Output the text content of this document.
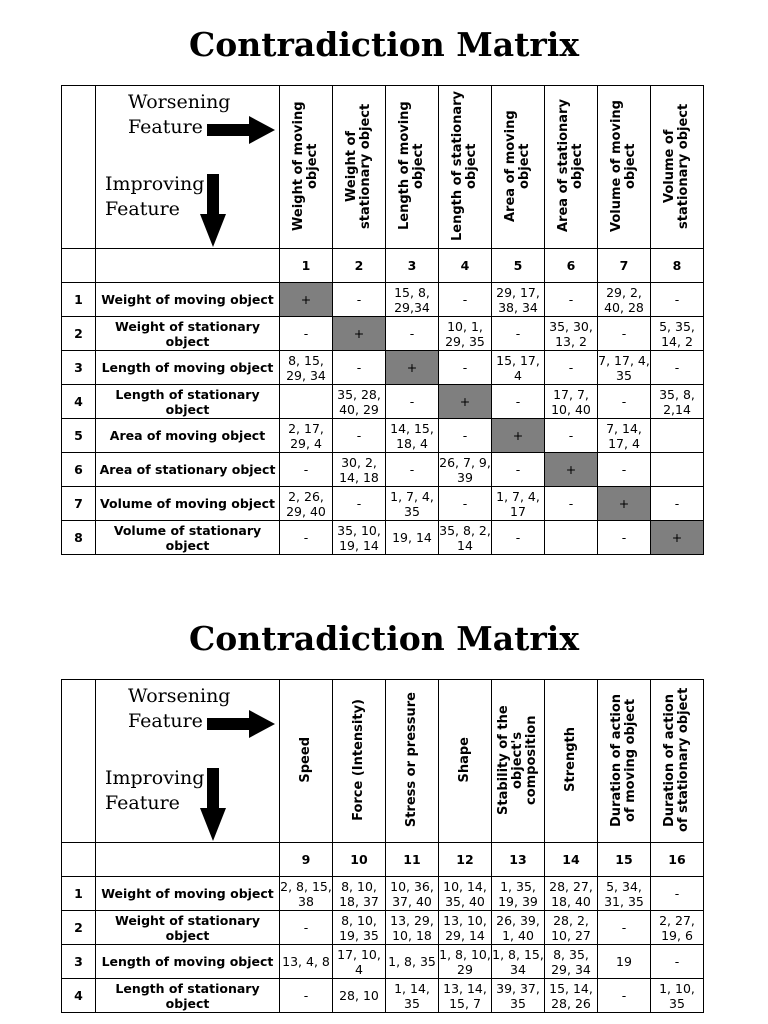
Contradiction Matrix

	Worsening
Feature
Improving
Feature	Weight of moving object	Weight of stationary object	Length of moving object	Length of stationary object	Area of moving object	Area of stationary object	Volume of moving object	Volume of stationary object
		1	2	3	4	5	6	7	8
1	Weight of moving object	+	-	15, 8, 29,34	-	29, 17, 38, 34	-	29, 2, 40, 28	-
2	Weight of stationary object	-	+	-	10, 1, 29, 35	-	35, 30, 13, 2	-	5, 35, 14, 2
3	Length of moving object	8, 15, 29, 34	-	+	-	15, 17, 4	-	7, 17, 4, 35	-
4	Length of stationary object		35, 28, 40, 29	-	+	-	17, 7, 10, 40	-	35, 8, 2,14
5	Area of moving object	2, 17, 29, 4	-	14, 15, 18, 4	-	+	-	7, 14, 17, 4	
6	Area of stationary object	-	30, 2, 14, 18	-	26, 7, 9, 39	-	+	-	
7	Volume of moving object	2, 26, 29, 40	-	1, 7, 4, 35	-	1, 7, 4, 17	-	+	-
8	Volume of stationary object	-	35, 10, 19, 14	19, 14	35, 8, 2, 14	-		-	+
Contradiction Matrix

	Worsening
Feature
Improving
Feature	Speed	Force (Intensity)	Stress or pressure	Shape	Stability of the object's composition	Strength	Duration of action of moving object	Duration of action of stationary object
		9	10	11	12	13	14	15	16
1	Weight of moving object	2, 8, 15, 38	8, 10, 18, 37	10, 36, 37, 40	10, 14, 35, 40	1, 35, 19, 39	28, 27, 18, 40	5, 34, 31, 35	-
2	Weight of stationary object	-	8, 10, 19, 35	13, 29, 10, 18	13, 10, 29, 14	26, 39, 1, 40	28, 2, 10, 27	-	2, 27, 19, 6
3	Length of moving object	13, 4, 8	17, 10, 4	1, 8, 35	1, 8, 10, 29	1, 8, 15, 34	8, 35, 29, 34	19	-
4	Length of stationary object	-	28, 10	1, 14, 35	13, 14, 15, 7	39, 37, 35	15, 14, 28, 26	-	1, 10, 35
